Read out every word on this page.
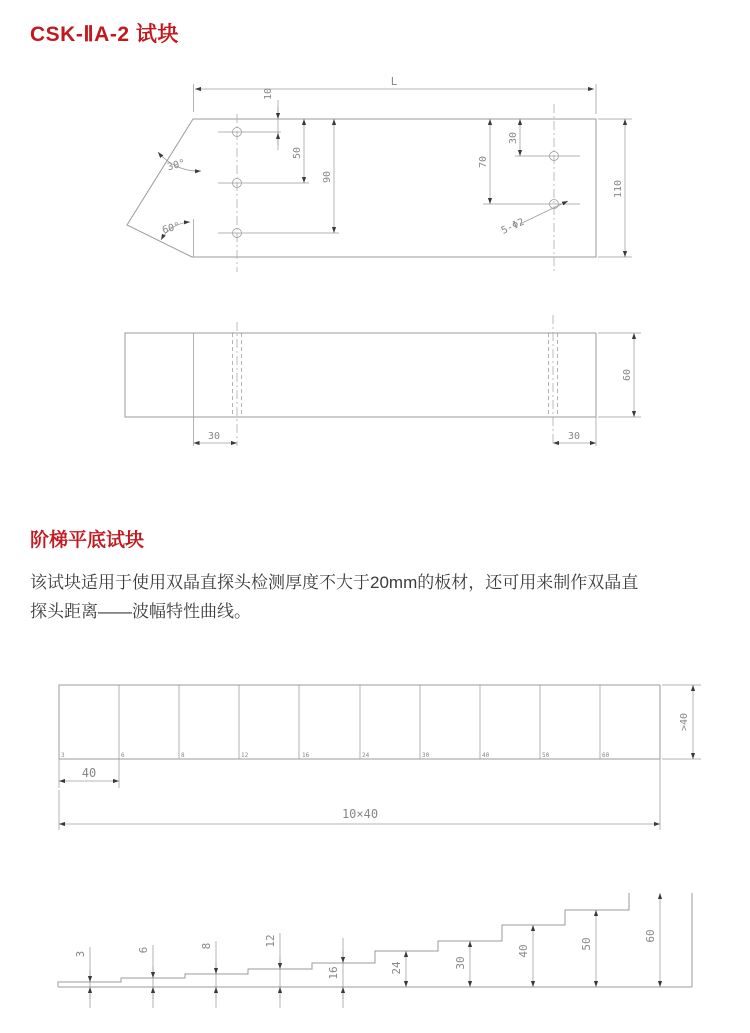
CSK-ⅡA-2 试块
阶梯平底试块
该试块适用于使用双晶直探头检测厚度不大于20mm的板材，还可用来制作双晶直
探头距离——波幅特性曲线。
L
10
50
90
30
70
110
5-Φ2
30°
60°
30	30
60
3	6	8	12	16	24	30	40	50	60
40
10×40
>40
3
6
8	12
16	24	30
40
50
60
